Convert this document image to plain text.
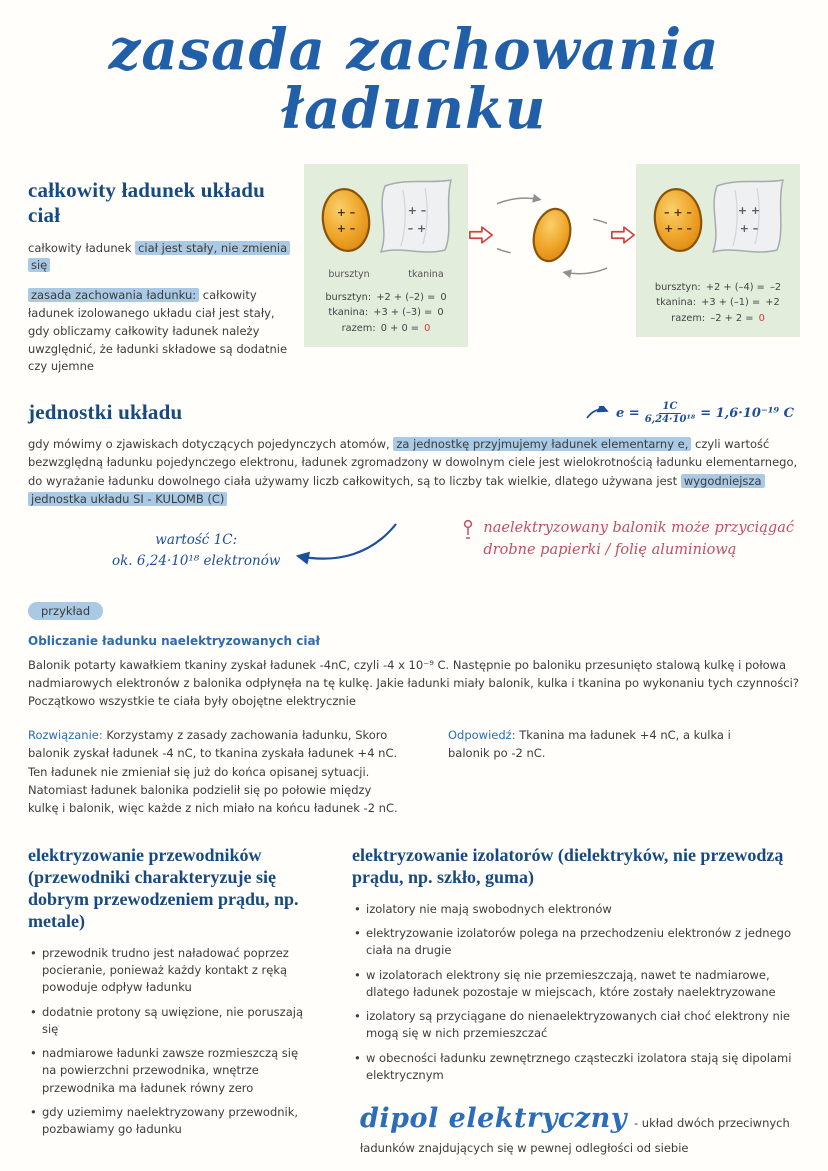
zasada zachowania
ładunku
całkowity ładunek układu ciał

całkowity ładunek ciał jest stały, nie zmienia się

zasada zachowania ładunku: całkowity ładunek izolowanego układu ciał jest stały, gdy obliczamy całkowity ładunek należy uwzględnić, że ładunki składowe są dodatnie czy ujemne

+ –
+ –
+ –
– +
bursztyn	tkanina
bursztyn: +2 + (–2) = 0
tkanina: +3 + (–3) = 0
razem: 0 + 0 = 0
– + –
+ – –
+ +
+ –
bursztyn: +2 + (–4) = –2
tkanina: +3 + (–1) = +2
razem: –2 + 2 = 0
jednostki układu	$e = \frac{1C}{\text{6,24·10¹⁸}} = 1,6\cdot 10^{-19}$ C

gdy mówimy o zjawiskach dotyczących pojedynczych atomów, za jednostkę przyjmujemy ładunek elementarny e, czyli wartość bezwzględną ładunku pojedynczego elektronu, ładunek zgromadzony w dowolnym ciele jest wielokrotnością ładunku elementarnego, do wyrażanie ładunku dowolnego ciała używamy liczb całkowitych, są to liczby tak wielkie, dlatego używana jest wygodniejsza jednostka układu SI - KULOMB (C)

wartość 1C:
ok. 6,24·10¹⁸ elektronów
naelektryzowany balonik może przyciągać
drobne papierki / folię aluminiową
przykład
Obliczanie ładunku naelektryzowanych ciał

Balonik potarty kawałkiem tkaniny zyskał ładunek -4nC, czyli -4 x 10⁻⁹ C. Następnie po baloniku przesunięto stalową kulkę i połowa nadmiarowych elektronów z balonika odpłynęła na tę kulkę. Jakie ładunki miały balonik, kulka i tkanina po wykonaniu tych czynności? Początkowo wszystkie te ciała były obojętne elektrycznie

Rozwiązanie: Korzystamy z zasady zachowania ładunku, Skoro balonik zyskał ładunek -4 nC, to tkanina zyskała ładunek +4 nC. Ten ładunek nie zmieniał się już do końca opisanej sytuacji. Natomiast ładunek balonika podzielił się po połowie między kulkę i balonik, więc każde z nich miało na końcu ładunek -2 nC.

Odpowiedź: Tkanina ma ładunek +4 nC, a kulka i balonik po -2 nC.

elektryzowanie przewodników (przewodniki charakteryzuje się dobrym przewodzeniem prądu, np. metale)
• przewodnik trudno jest naładować poprzez pocieranie, ponieważ każdy kontakt z ręką powoduje odpływ ładunku
• dodatnie protony są uwięzione, nie poruszają się
• nadmiarowe ładunki zawsze rozmieszczą się na powierzchni przewodnika, wnętrze przewodnika ma ładunek równy zero
• gdy uziemimy naelektryzowany przewodnik, pozbawiamy go ładunku
elektryzowanie izolatorów (dielektryków, nie przewodzą prądu, np. szkło, guma)
• izolatory nie mają swobodnych elektronów
• elektryzowanie izolatorów polega na przechodzeniu elektronów z jednego ciała na drugie
• w izolatorach elektrony się nie przemieszczają, nawet te nadmiarowe, dlatego ładunek pozostaje w miejscach, które zostały naelektryzowane
• izolatory są przyciągane do nienaelektryzowanych ciał choć elektrony nie mogą się w nich przemieszczać
• w obecności ładunku zewnętrznego cząsteczki izolatora stają się dipolami elektrycznym

dipol elektryczny - układ dwóch przeciwnych ładunków znajdujących się w pewnej odległości od siebie
